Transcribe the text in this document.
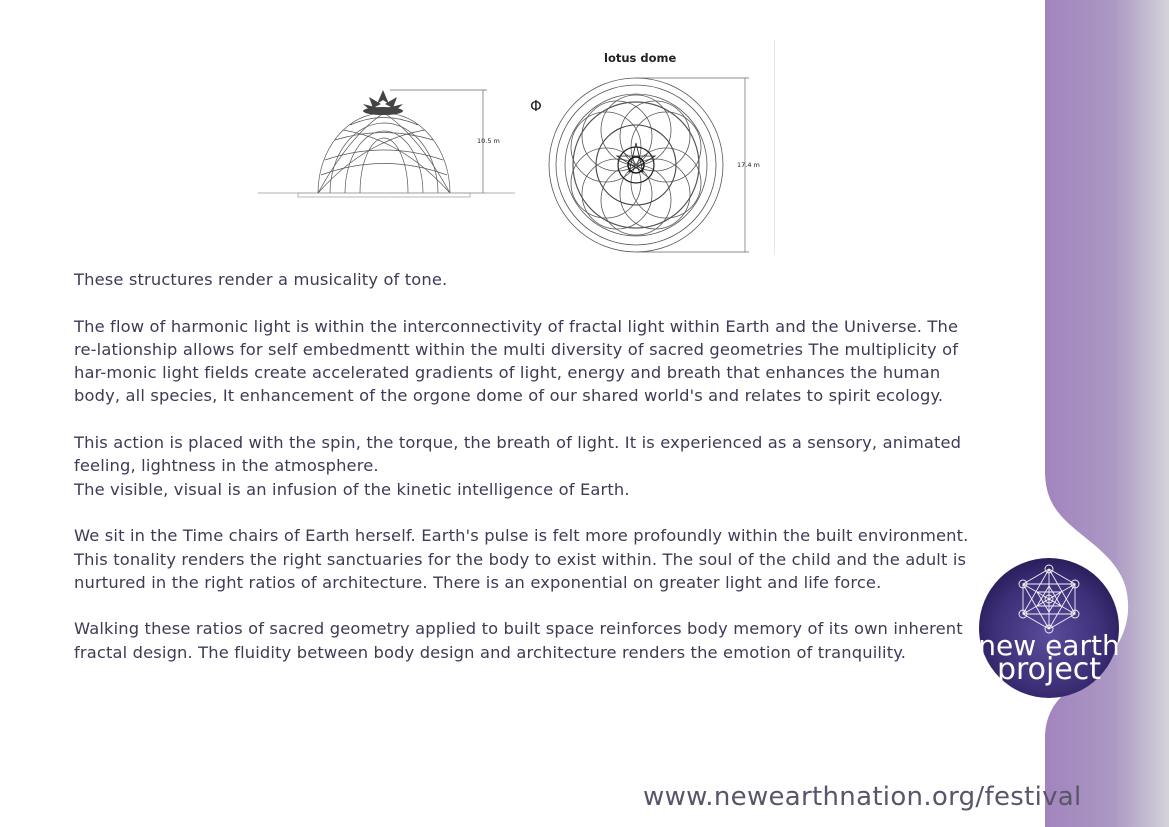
10.5 m
lotus dome
Φ
17.4 m

These structures render a musicality of tone.

The flow of harmonic light is within the interconnectivity of fractal light within Earth and the Universe. The re-lationship allows for self embedmentt within the multi diversity of sacred geometries The multiplicity of har-monic light fields create accelerated gradients of light, energy and breath that enhances the human body, all species, It enhancement of the orgone dome of our shared world's and relates to spirit ecology.

This action is placed with the spin, the torque, the breath of light. It is experienced as a sensory, animated feeling, lightness in the atmosphere.

The visible, visual is an infusion of the kinetic intelligence of Earth.

We sit in the Time chairs of Earth herself. Earth's pulse is felt more profoundly within the built environment. This tonality renders the right sanctuaries for the body to exist within. The soul of the child and the adult is nurtured in the right ratios of architecture. There is an exponential on greater light and life force.

Walking these ratios of sacred geometry applied to built space reinforces body memory of its own inherent fractal design. The fluidity between body design and architecture renders the emotion of tranquility.	new earth
project
www.newearthnation.org/festival
